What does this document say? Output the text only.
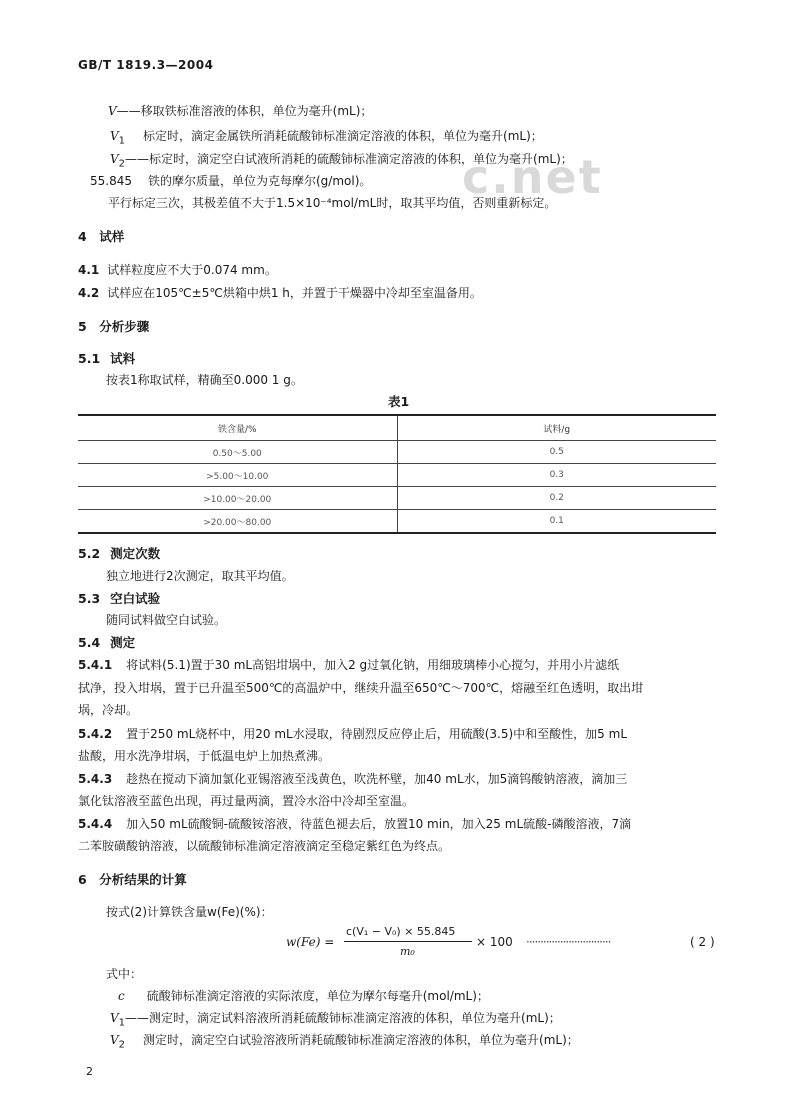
GB/T 1819.3—2004
c.net
V——移取铁标准溶液的体积，单位为毫升(mL)；
$V_1$ 标定时，滴定金属铁所消耗硫酸铈标准滴定溶液的体积，单位为毫升(mL)；
$V_2——$标定时，滴定空白试液所消耗的硫酸铈标准滴定溶液的体积，单位为毫升(mL)；
55.845 铁的摩尔质量，单位为克每摩尔(g/mol)。
平行标定三次，其极差值不大于1.5×10⁻⁴mol/mL时，取其平均值，否则重新标定。
4　试样
4.1 试样粒度应不大于0.074 mm。
4.2 试样应在105℃±5℃烘箱中烘1 h，并置于干燥器中冷却至室温备用。
5　分析步骤
5.1 试料
按表1称取试样，精确至0.000 1 g。
表1
铁含量/%	试料/g
0.50～5.00	0.5
>5.00～10.00	0.3
>10.00～20.00	0.2
>20.00～80.00	0.1
5.2 测定次数
独立地进行2次测定，取其平均值。
5.3 空白试验
随同试料做空白试验。
5.4 测定
5.4.1 将试料(5.1)置于30 mL高铝坩埚中，加入2 g过氧化钠，用细玻璃棒小心搅匀，并用小片滤纸
拭净，投入坩埚，置于已升温至500℃的高温炉中，继续升温至650℃～700℃，熔融至红色透明，取出坩
埚，冷却。
5.4.2 置于250 mL烧杯中，用20 mL水浸取，待剧烈反应停止后，用硫酸(3.5)中和至酸性，加5 mL
盐酸，用水洗净坩埚，于低温电炉上加热煮沸。
5.4.3 趁热在搅动下滴加氯化亚锡溶液至浅黄色，吹洗杯壁，加40 mL水，加5滴钨酸钠溶液，滴加三
氯化钛溶液至蓝色出现，再过量两滴，置冷水浴中冷却至室温。
5.4.4 加入50 mL硫酸铜-硫酸铵溶液，待蓝色褪去后，放置10 min，加入25 mL硫酸-磷酸溶液，7滴
二苯胺磺酸钠溶液，以硫酸铈标准滴定溶液滴定至稳定紫红色为终点。
6　分析结果的计算
按式(2)计算铁含量w(Fe)(%)：
w(Fe) =
c(V₁ − V₀) × 55.845
m₀
× 100 ······························	( 2 )
式中：
c 硫酸铈标准滴定溶液的实际浓度，单位为摩尔每毫升(mol/mL)；
$V_1——$测定时，滴定试料溶液所消耗硫酸铈标准滴定溶液的体积，单位为毫升(mL)；
$V_2$ 测定时，滴定空白试验溶液所消耗硫酸铈标准滴定溶液的体积，单位为毫升(mL)；
2
